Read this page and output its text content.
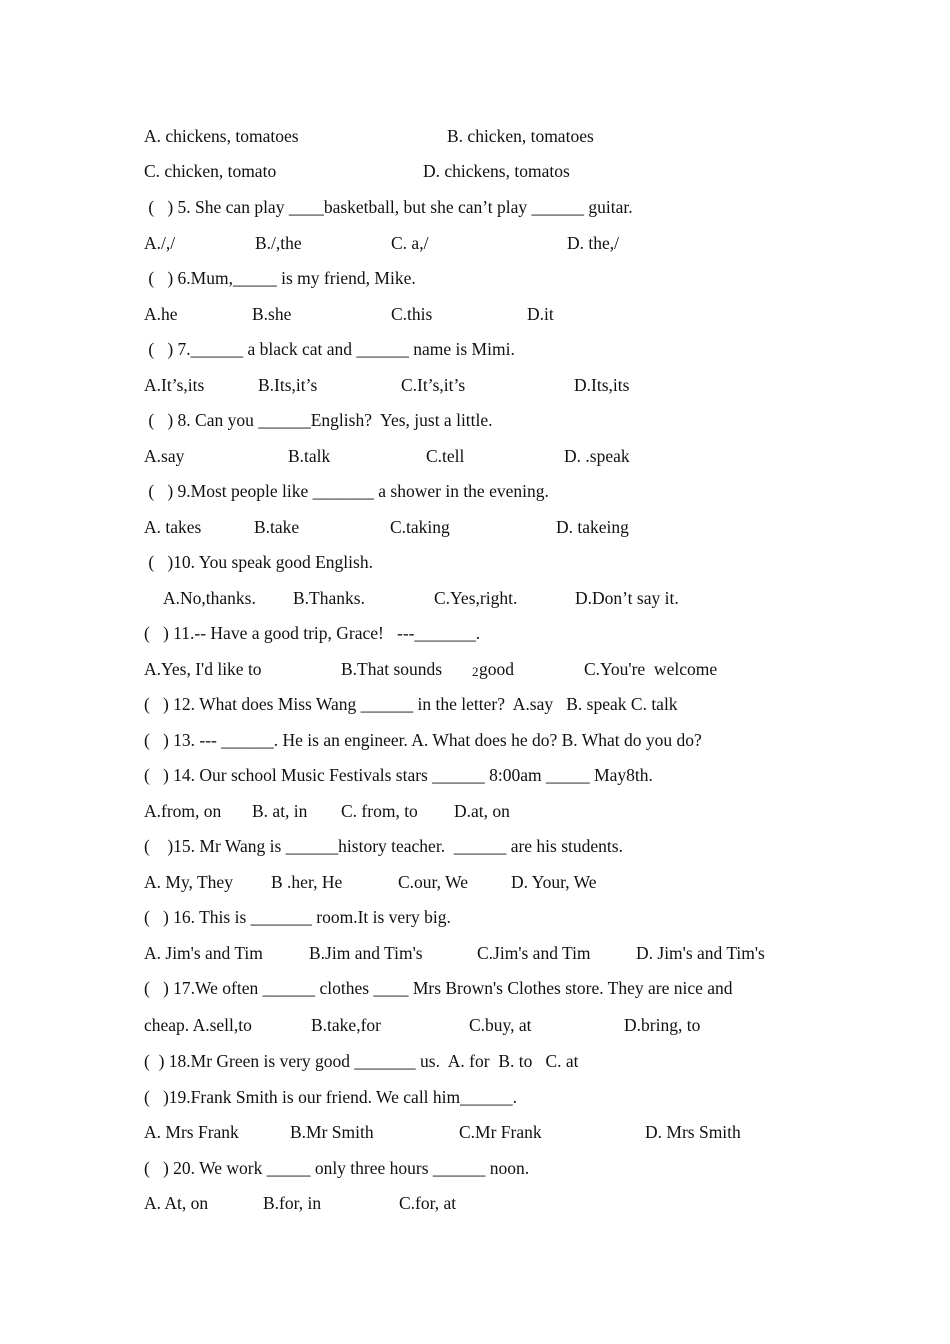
A. chickens, tomatoes	B. chicken, tomatoes
C. chicken, tomato	D. chickens, tomatos
(   ) 5. She can play ____basketball, but she can’t play ______ guitar.
A./,/	B./,the	C. a,/	D. the,/
(   ) 6.Mum,_____ is my friend, Mike.
A.he	B.she	C.this	D.it
(   ) 7.______ a black cat and ______ name is Mimi.
A.It’s,its	B.Its,it’s	C.It’s,it’s	D.Its,its
(   ) 8. Can you ______English?  Yes, just a little.
A.say	B.talk	C.tell	D. .speak
(   ) 9.Most people like _______ a shower in the evening.
A. takes	B.take	C.taking	D. takeing
(   )10. You speak good English.
A.No,thanks. B.Thanks.	C.Yes,right.	D.Don’t say it.
(   ) 11.-- Have a good trip, Grace!   ---_______.
A.Yes, I'd like to	B.That sounds 2 good	C.You're  welcome
(   ) 12. What does Miss Wang ______ in the letter?  A.say   B. speak C. talk
(   ) 13. --- ______. He is an engineer. A. What does he do? B. What do you do?
(   ) 14. Our school Music Festivals stars ______ 8:00am _____ May8th.
A.from, on B. at, in C. from, to D.at, on
(    )15. Mr Wang is ______history teacher.  ______ are his students.
A. My, They B .her, He	C.our, We D. Your, We
(   ) 16. This is _______ room.It is very big.
A. Jim's and Tim	B.Jim and Tim's	C.Jim's and Tim	D. Jim's and Tim's
(   ) 17.We often ______ clothes ____ Mrs Brown's Clothes store. They are nice and
cheap. A.sell,to	B.take,for	C.buy, at	D.bring, to
(  ) 18.Mr Green is very good _______ us.  A. for  B. to   C. at
(   )19.Frank Smith is our friend. We call him______.
A. Mrs Frank	B.Mr Smith	C.Mr Frank	D. Mrs Smith
(   ) 20. We work _____ only three hours ______ noon.
A. At, on	B.for, in	C.for, at
